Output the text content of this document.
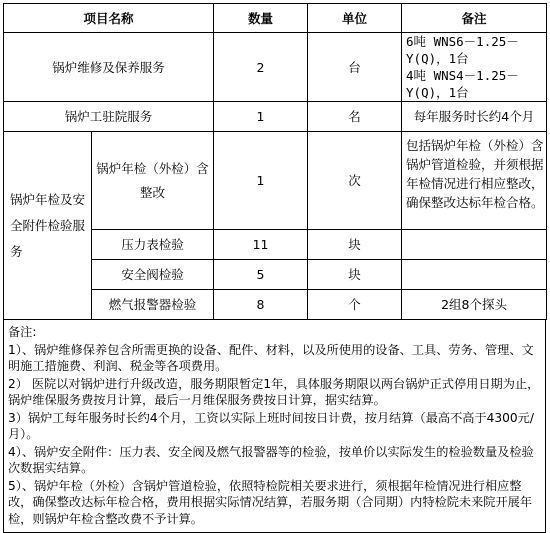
项目名称		数量	单位	备注
锅炉维修及保养服务		2	台	6吨 WNS6－1.25－Y(Q)，1台
4吨 WNS4－1.25－Y(Q)，1台

锅炉工驻院服务		1	名	每年服务时长约4个月
锅炉年检及安全附件检验服务	锅炉年检（外检）含整改	1	次	包括锅炉年检（外检）含锅炉管道检验，并须根据年检情况进行相应整改，确保整改达标年检合格。
	压力表检验	11	块	
	安全阀检验	5	块	
	燃气报警器检验	8	个	2组8个探头
备注:
1）、锅炉维修保养包含所需更换的设备、配件、材料，以及所使用的设备、工具、劳务、管理、文明施工措施费、利润、税金等各项费用。
2） 医院以对锅炉进行升级改造，服务期限暂定1年，具体服务期限以两台锅炉正式停用日期为止，锅炉维保服务费按月计算，最后一月维保服务费按日计算，据实结算。
3）锅炉工每年服务时长约4个月，工资以实际上班时间按日计费，按月结算（最高不高于4300元/月）。
4）、锅炉安全附件：压力表、安全阀及燃气报警器等的检验，按单价以实际发生的检验数量及检验次数据实结算。
5）、锅炉年检（外检）含锅炉管道检验，依照特检院相关要求进行，须根据年检情况进行相应整改，确保整改达标年检合格，费用根据实际情况结算，若服务期（合同期）内特检院未来院开展年检，则锅炉年检含整改费不予计算。
